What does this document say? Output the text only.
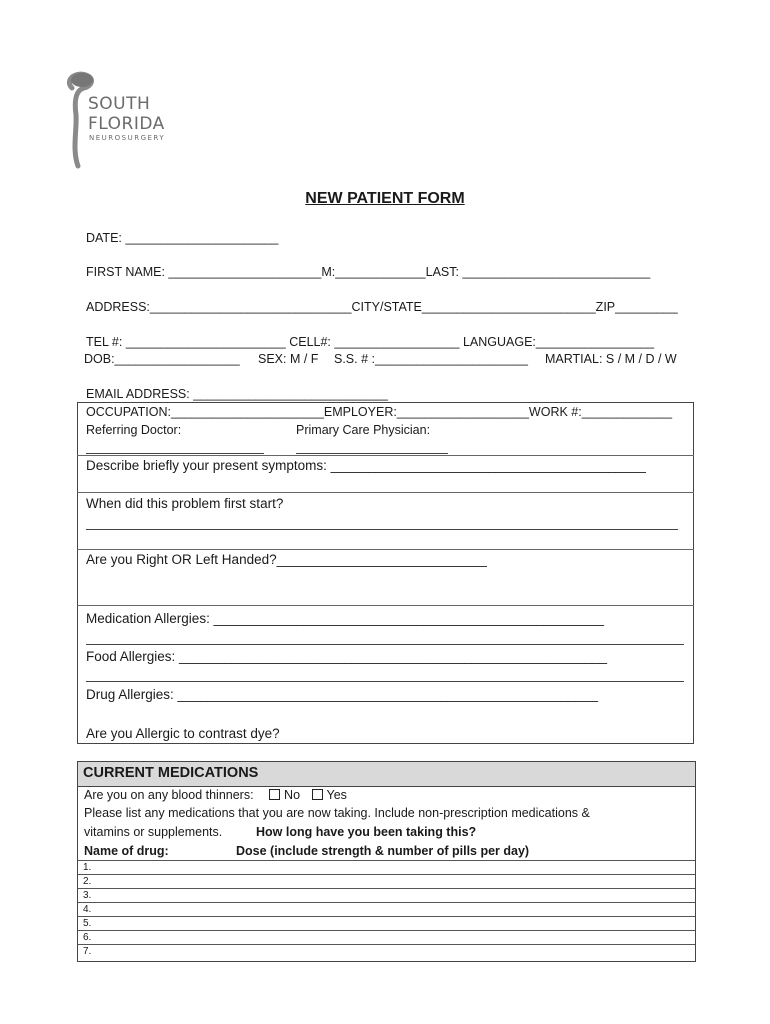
SOUTH
FLORIDA
NEUROSURGERY
NEW PATIENT FORM
DATE: ______________________
FIRST NAME: ______________________M:_____________LAST: ___________________________
ADDRESS:_____________________________CITY/STATE_________________________ZIP_________
TEL #: _______________________ CELL#: __________________ LANGUAGE:_________________
DOB:__________________ SEX: M / F S.S. # :______________________ MARTIAL: S / M / D / W
EMAIL ADDRESS: ____________________________
OCCUPATION:______________________EMPLOYER:___________________WORK #:_____________
Referring Doctor:	Primary Care Physician:
Describe briefly your present symptoms: __________________________________________
When did this problem first start?
Are you Right OR Left Handed?____________________________
Medication Allergies: ____________________________________________________
Food Allergies: _________________________________________________________
Drug Allergies: ________________________________________________________
Are you Allergic to contrast dye?
CURRENT MEDICATIONS
Are you on any blood thinners: No Yes
Please list any medications that you are now taking. Include non-prescription medications &
vitamins or supplements.	How long have you been taking this?
Name of drug:	Dose (include strength & number of pills per day)
1.
2.
3.
4.
5.
6.
7.
